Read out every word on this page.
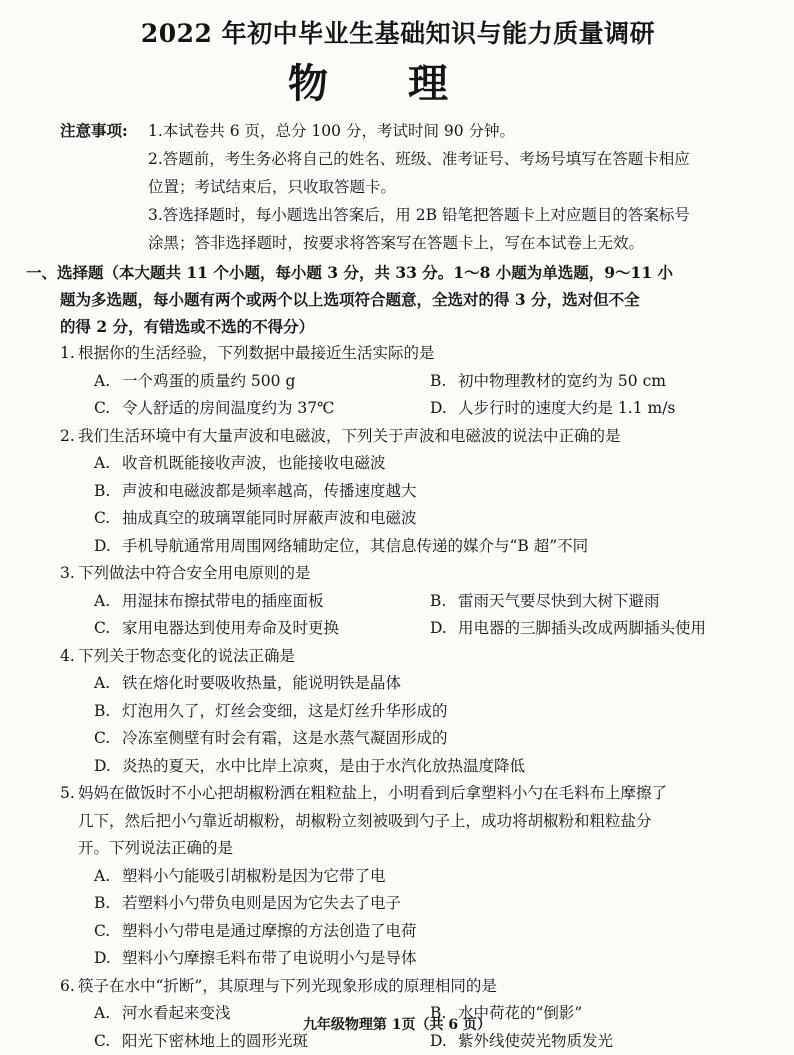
2022 年初中毕业生基础知识与能力质量调研
物理
注意事项:	1.本试卷共 6 页，总分 100 分，考试时间 90 分钟。
2.答题前，考生务必将自己的姓名、班级、准考证号、考场号填写在答题卡相应
位置；考试结束后，只收取答题卡。
3.答选择题时，每小题选出答案后，用 2B 铅笔把答题卡上对应题目的答案标号
涂黑；答非选择题时，按要求将答案写在答题卡上，写在本试卷上无效。
一、选择题（本大题共 11 个小题，每小题 3 分，共 33 分。1～8 小题为单选题，9～11 小
题为多选题，每小题有两个或两个以上选项符合题意，全选对的得 3 分，选对但不全
的得 2 分，有错选或不选的不得分）
1. 根据你的生活经验，下列数据中最接近生活实际的是
A. 一个鸡蛋的质量约 500 g	B. 初中物理教材的宽约为 50 cm
C. 令人舒适的房间温度约为 37℃	D. 人步行时的速度大约是 1.1 m/s
2. 我们生活环境中有大量声波和电磁波，下列关于声波和电磁波的说法中正确的是
A. 收音机既能接收声波，也能接收电磁波
B. 声波和电磁波都是频率越高，传播速度越大
C. 抽成真空的玻璃罩能同时屏蔽声波和电磁波
D. 手机导航通常用周围网络辅助定位，其信息传递的媒介与“B 超”不同
3. 下列做法中符合安全用电原则的是
A. 用湿抹布擦拭带电的插座面板	B. 雷雨天气要尽快到大树下避雨
C. 家用电器达到使用寿命及时更换	D. 用电器的三脚插头改成两脚插头使用
4. 下列关于物态变化的说法正确是
A. 铁在熔化时要吸收热量，能说明铁是晶体
B. 灯泡用久了，灯丝会变细，这是灯丝升华形成的
C. 冷冻室侧壁有时会有霜，这是水蒸气凝固形成的
D. 炎热的夏天，水中比岸上凉爽，是由于水汽化放热温度降低
5. 妈妈在做饭时不小心把胡椒粉洒在粗粒盐上，小明看到后拿塑料小勺在毛料布上摩擦了
几下，然后把小勺靠近胡椒粉，胡椒粉立刻被吸到勺子上，成功将胡椒粉和粗粒盐分
开。下列说法正确的是
A. 塑料小勺能吸引胡椒粉是因为它带了电
B. 若塑料小勺带负电则是因为它失去了电子
C. 塑料小勺带电是通过摩擦的方法创造了电荷
D. 塑料小勺摩擦毛料布带了电说明小勺是导体
6. 筷子在水中“折断”，其原理与下列光现象形成的原理相同的是
A. 河水看起来变浅	B. 水中荷花的“倒影”
C. 阳光下密林地上的圆形光斑	D. 紫外线使荧光物质发光
九年级物理第 1页（共 6 页）
